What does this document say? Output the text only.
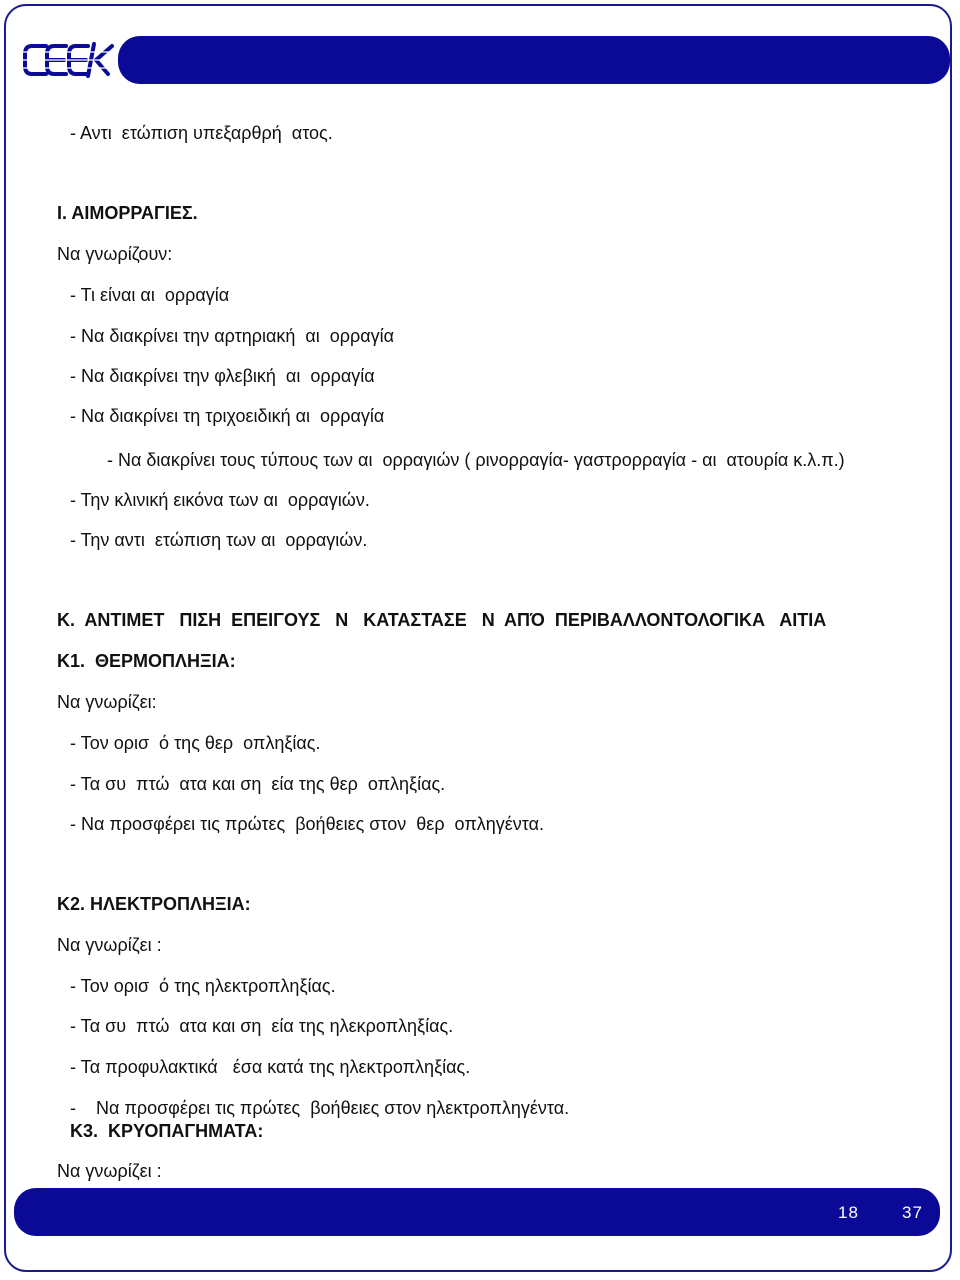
- Αντι  ετώπιση υπεξαρθρή  ατος.
Ι. ΑΙΜΟΡΡΑΓΙΕΣ.
Να γνωρίζουν:
- Τι είναι αι  ορραγία
- Να διακρίνει την αρτηριακή  αι  ορραγία
- Να διακρίνει την φλεβική  αι  ορραγία
- Να διακρίνει τη τριχοειδική αι  ορραγία
- Να διακρίνει τους τύπους των αι  ορραγιών ( ρινορραγία- γαστρορραγία - αι  ατουρία κ.λ.π.)
- Την κλινική εικόνα των αι  ορραγιών.
- Την αντι  ετώπιση των αι  ορραγιών.
Κ.  ΑΝΤΙΜΕΤ   ΠΙΣΗ  ΕΠΕΙΓΟΥΣ   Ν   ΚΑΤΑΣΤΑΣΕ   Ν  ΑΠΌ  ΠΕΡΙΒΑΛΛΟΝΤΟΛΟΓΙΚΑ   ΑΙΤΙΑ
Κ1.  ΘΕΡΜΟΠΛΗΞΙΑ:
Να γνωρίζει:
- Τον ορισ  ό της θερ  οπληξίας.
- Τα συ  πτώ  ατα και ση  εία της θερ  οπληξίας.
- Να προσφέρει τις πρώτες  βοήθειες στον  θερ  οπληγέντα.
Κ2. ΗΛΕΚΤΡΟΠΛΗΞΙΑ:
Να γνωρίζει :
- Τον ορισ  ό της ηλεκτροπληξίας.
- Τα συ  πτώ  ατα και ση  εία της ηλεκροπληξίας.
- Τα προφυλακτικά   έσα κατά της ηλεκτροπληξίας.
-    Να προσφέρει τις πρώτες  βοήθειες στον ηλεκτροπληγέντα.
Κ3.  ΚΡΥΟΠΑΓΗΜΑΤΑ:
Να γνωρίζει :
18	37
